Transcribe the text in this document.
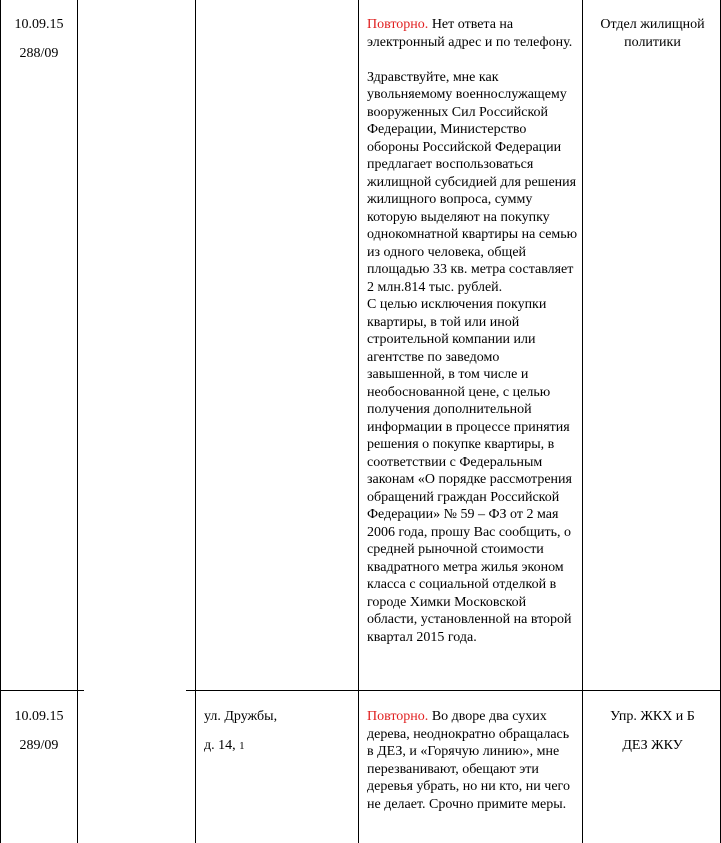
10.09.15
288/09

Повторно. Нет ответа на электронный адрес и по телефону.

Здравствуйте, мне как увольняемому военнослужащему вооруженных Сил Российской Федерации, Министерство обороны Российской Федерации предлагает воспользоваться жилищной субсидией для решения жилищного вопроса, сумму которую выделяют на покупку однокомнатной квартиры на семью из одного человека, общей площадью 33 кв. метра составляет 2 млн.814 тыс. рублей.

С целью исключения покупки квартиры, в той или иной строительной компании или агентстве по заведомо завышенной, в том числе и необоснованной цене, с целью получения дополнительной информации в процессе принятия решения о покупке квартиры, в соответствии с Федеральным законам «О порядке рассмотрения обращений граждан Российской Федерации» № 59 – ФЗ от 2 мая 2006 года, прошу Вас сообщить, о средней рыночной стоимости квадратного метра жилья эконом класса с социальной отделкой в городе Химки Московской области, установленной на второй квартал 2015 года.

Отдел жилищной политики
10.09.15
289/09
ул. Дружбы,
д. 14, 1

Повторно. Во дворе два сухих дерева, неоднократно обращалась в ДЕЗ, и «Горячую линию», мне перезванивают, обещают эти деревья убрать, но ни кто, ни чего не делает. Срочно примите меры.

Упр. ЖКХ и Б
ДЕЗ ЖКУ
